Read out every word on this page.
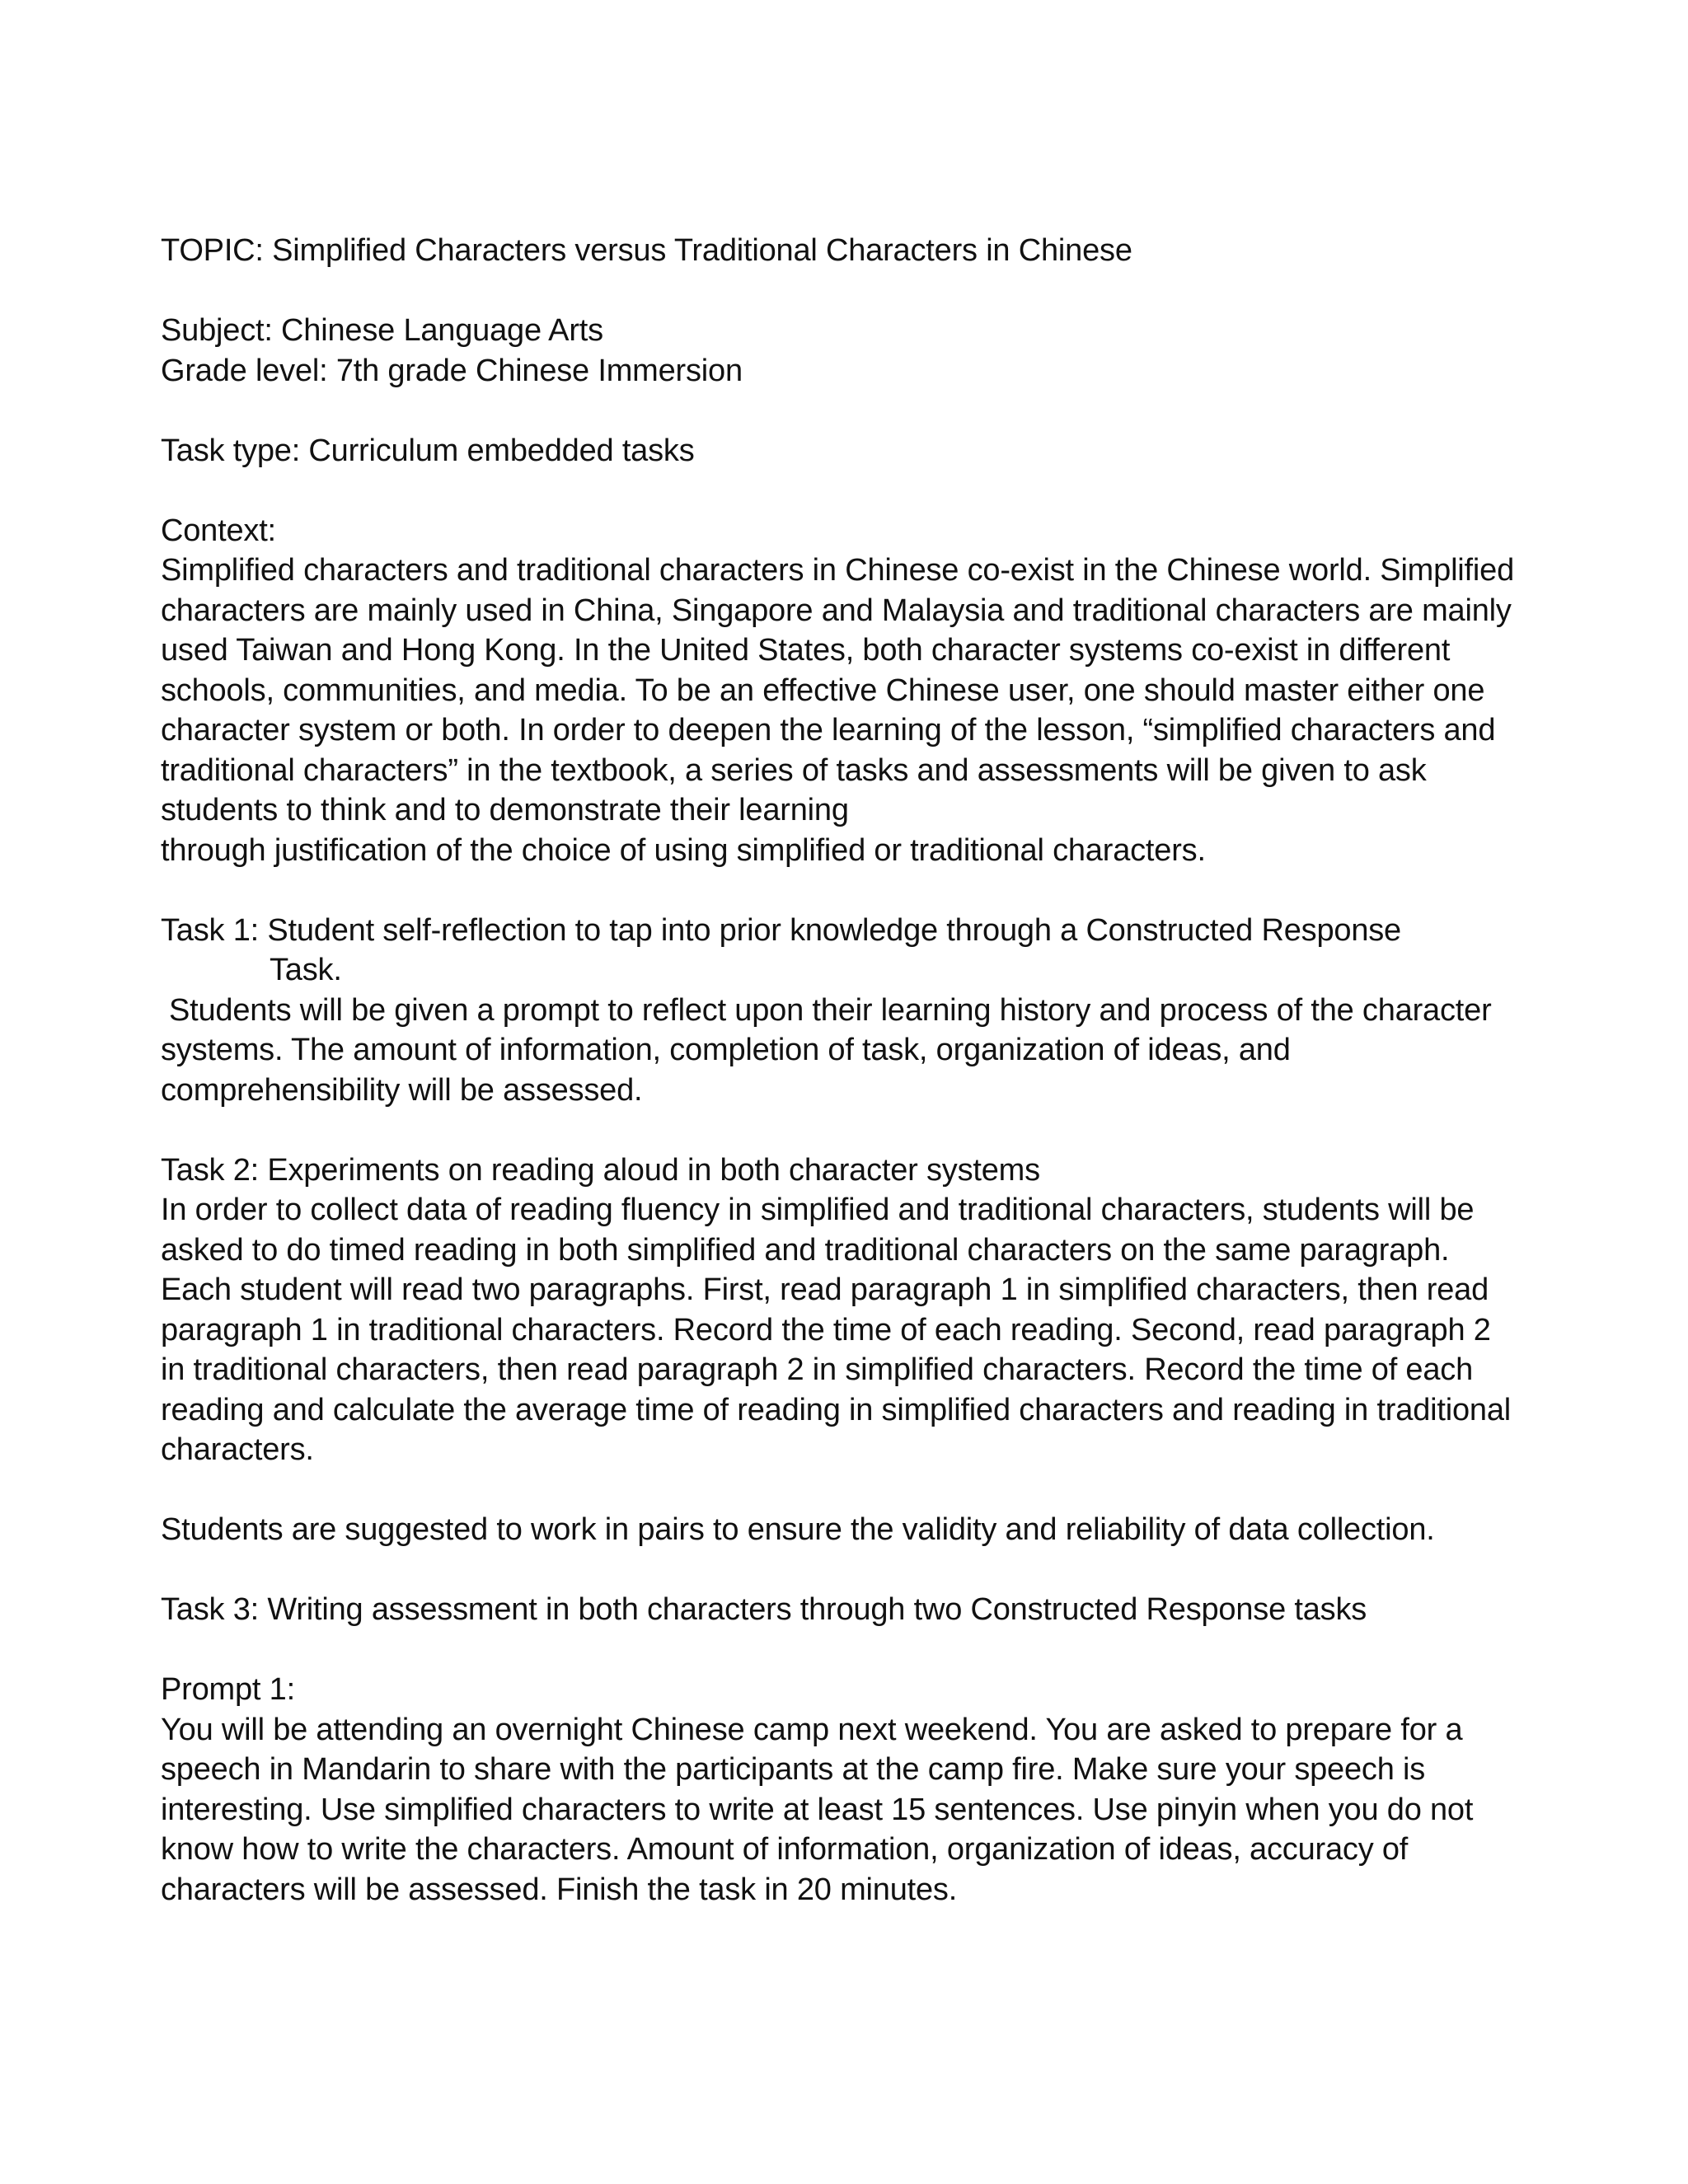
TOPIC: Simplified Characters versus Traditional Characters in Chinese
Subject: Chinese Language Arts
Grade level: 7th grade Chinese Immersion
Task type: Curriculum embedded tasks
Context:
Simplified characters and traditional characters in Chinese co-exist in the Chinese world. Simplified
characters are mainly used in China, Singapore and Malaysia and traditional characters are mainly
used Taiwan and Hong Kong. In the United States, both character systems co-exist in different
schools, communities, and media. To be an effective Chinese user, one should master either one
character system or both. In order to deepen the learning of the lesson, “simplified characters and
traditional characters” in the textbook, a series of tasks and assessments will be given to ask
students to think and to demonstrate their learning
through justification of the choice of using simplified or traditional characters.
Task 1: Student self-reflection to tap into prior knowledge through a Constructed Response
Task.
Students will be given a prompt to reflect upon their learning history and process of the character
systems. The amount of information, completion of task, organization of ideas, and
comprehensibility will be assessed.
Task 2: Experiments on reading aloud in both character systems
In order to collect data of reading fluency in simplified and traditional characters, students will be
asked to do timed reading in both simplified and traditional characters on the same paragraph.
Each student will read two paragraphs. First, read paragraph 1 in simplified characters, then read
paragraph 1 in traditional characters. Record the time of each reading. Second, read paragraph 2
in traditional characters, then read paragraph 2 in simplified characters. Record the time of each
reading and calculate the average time of reading in simplified characters and reading in traditional
characters.
Students are suggested to work in pairs to ensure the validity and reliability of data collection.
Task 3: Writing assessment in both characters through two Constructed Response tasks
Prompt 1:
You will be attending an overnight Chinese camp next weekend. You are asked to prepare for a
speech in Mandarin to share with the participants at the camp fire. Make sure your speech is
interesting. Use simplified characters to write at least 15 sentences. Use pinyin when you do not
know how to write the characters. Amount of information, organization of ideas, accuracy of
characters will be assessed. Finish the task in 20 minutes.
